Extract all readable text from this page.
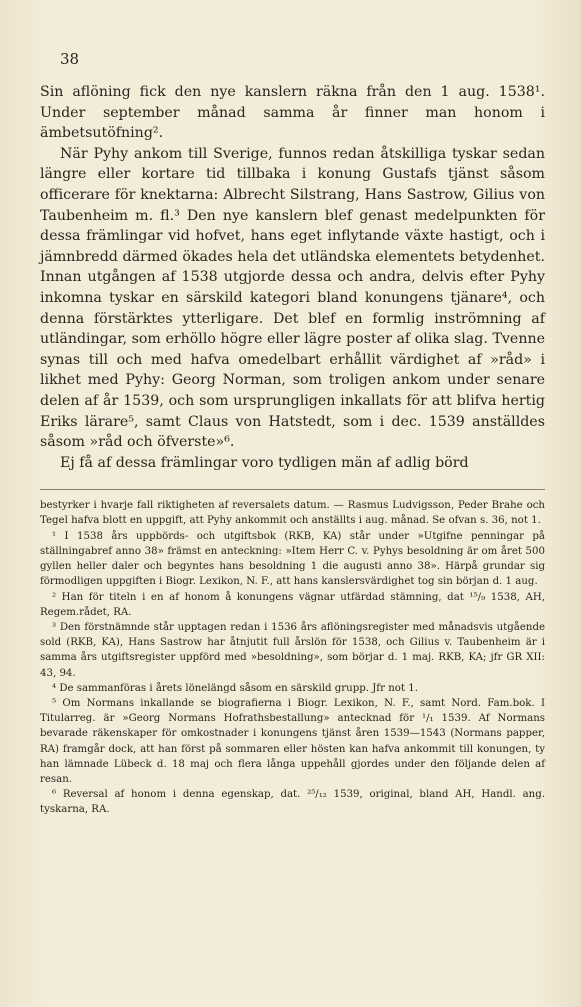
38

Sin aflöning fick den nye kanslern räkna från den 1 aug. 1538¹. Under september månad samma år finner man honom i ämbetsutöfning².

När Pyhy ankom till Sverige, funnos redan åtskilliga tyskar sedan längre eller kortare tid tillbaka i konung Gustafs tjänst såsom officerare för knektarna: Albrecht Silstrang, Hans Sastrow, Gilius von Taubenheim m. fl.³ Den nye kanslern blef genast medelpunkten för dessa främlingar vid hofvet, hans eget inflytande växte hastigt, och i jämnbredd därmed ökades hela det utländska elementets betydenhet. Innan utgången af 1538 utgjorde dessa och andra, delvis efter Pyhy inkomna tyskar en särskild kategori bland konungens tjänare⁴, och denna förstärktes ytterligare. Det blef en formlig inströmning af utländingar, som erhöllo högre eller lägre poster af olika slag. Tvenne synas till och med hafva omedelbart erhållit värdighet af »råd» i likhet med Pyhy: Georg Norman, som troligen ankom under senare delen af år 1539, och som ursprungligen inkallats för att blifva hertig Eriks lärare⁵, samt Claus von Hatstedt, som i dec. 1539 anställdes såsom »råd och öfverste»⁶.

Ej få af dessa främlingar voro tydligen män af adlig börd

bestyrker i hvarje fall riktigheten af reversalets datum. — Rasmus Ludvigsson, Peder Brahe och Tegel hafva blott en uppgift, att Pyhy ankommit och anställts i aug. månad. Se ofvan s. 36, not 1.

¹ I 1538 års uppbörds- och utgiftsbok (RKB, KA) står under »Utgifne penningar på ställningabref anno 38» främst en anteckning: »Item Herr C. v. Pyhys besoldning är om året 500 gyllen heller daler och begyntes hans besoldning 1 die augusti anno 38». Härpå grundar sig förmodligen uppgiften i Biogr. Lexikon, N. F., att hans kanslersvärdighet tog sin början d. 1 aug.

² Han för titeln i en af honom å konungens vägnar utfärdad stämning, dat ¹⁵/₉ 1538, AH, Regem.rådet, RA.

³ Den förstnämnde står upptagen redan i 1536 års aflöningsregister med månadsvis utgående sold (RKB, KA), Hans Sastrow har åtnjutit full årslön för 1538, och Gilius v. Taubenheim är i samma års utgiftsregister uppförd med »besoldning», som börjar d. 1 maj. RKB, KA; jfr GR XII: 43, 94.

⁴ De sammanföras i årets lönelängd såsom en särskild grupp. Jfr not 1.

⁵ Om Normans inkallande se biografierna i Biogr. Lexikon, N. F., samt Nord. Fam.bok. I Titularreg. är »Georg Normans Hofrathsbestallung» antecknad för ¹/₁ 1539. Af Normans bevarade räkenskaper för omkostnader i konungens tjänst åren 1539—1543 (Normans papper, RA) framgår dock, att han först på sommaren eller hösten kan hafva ankommit till konungen, ty han lämnade Lübeck d. 18 maj och flera långa uppehåll gjordes under den följande delen af resan.

⁶ Reversal af honom i denna egenskap, dat. ²⁵/₁₂ 1539, original, bland AH, Handl. ang. tyskarna, RA.
